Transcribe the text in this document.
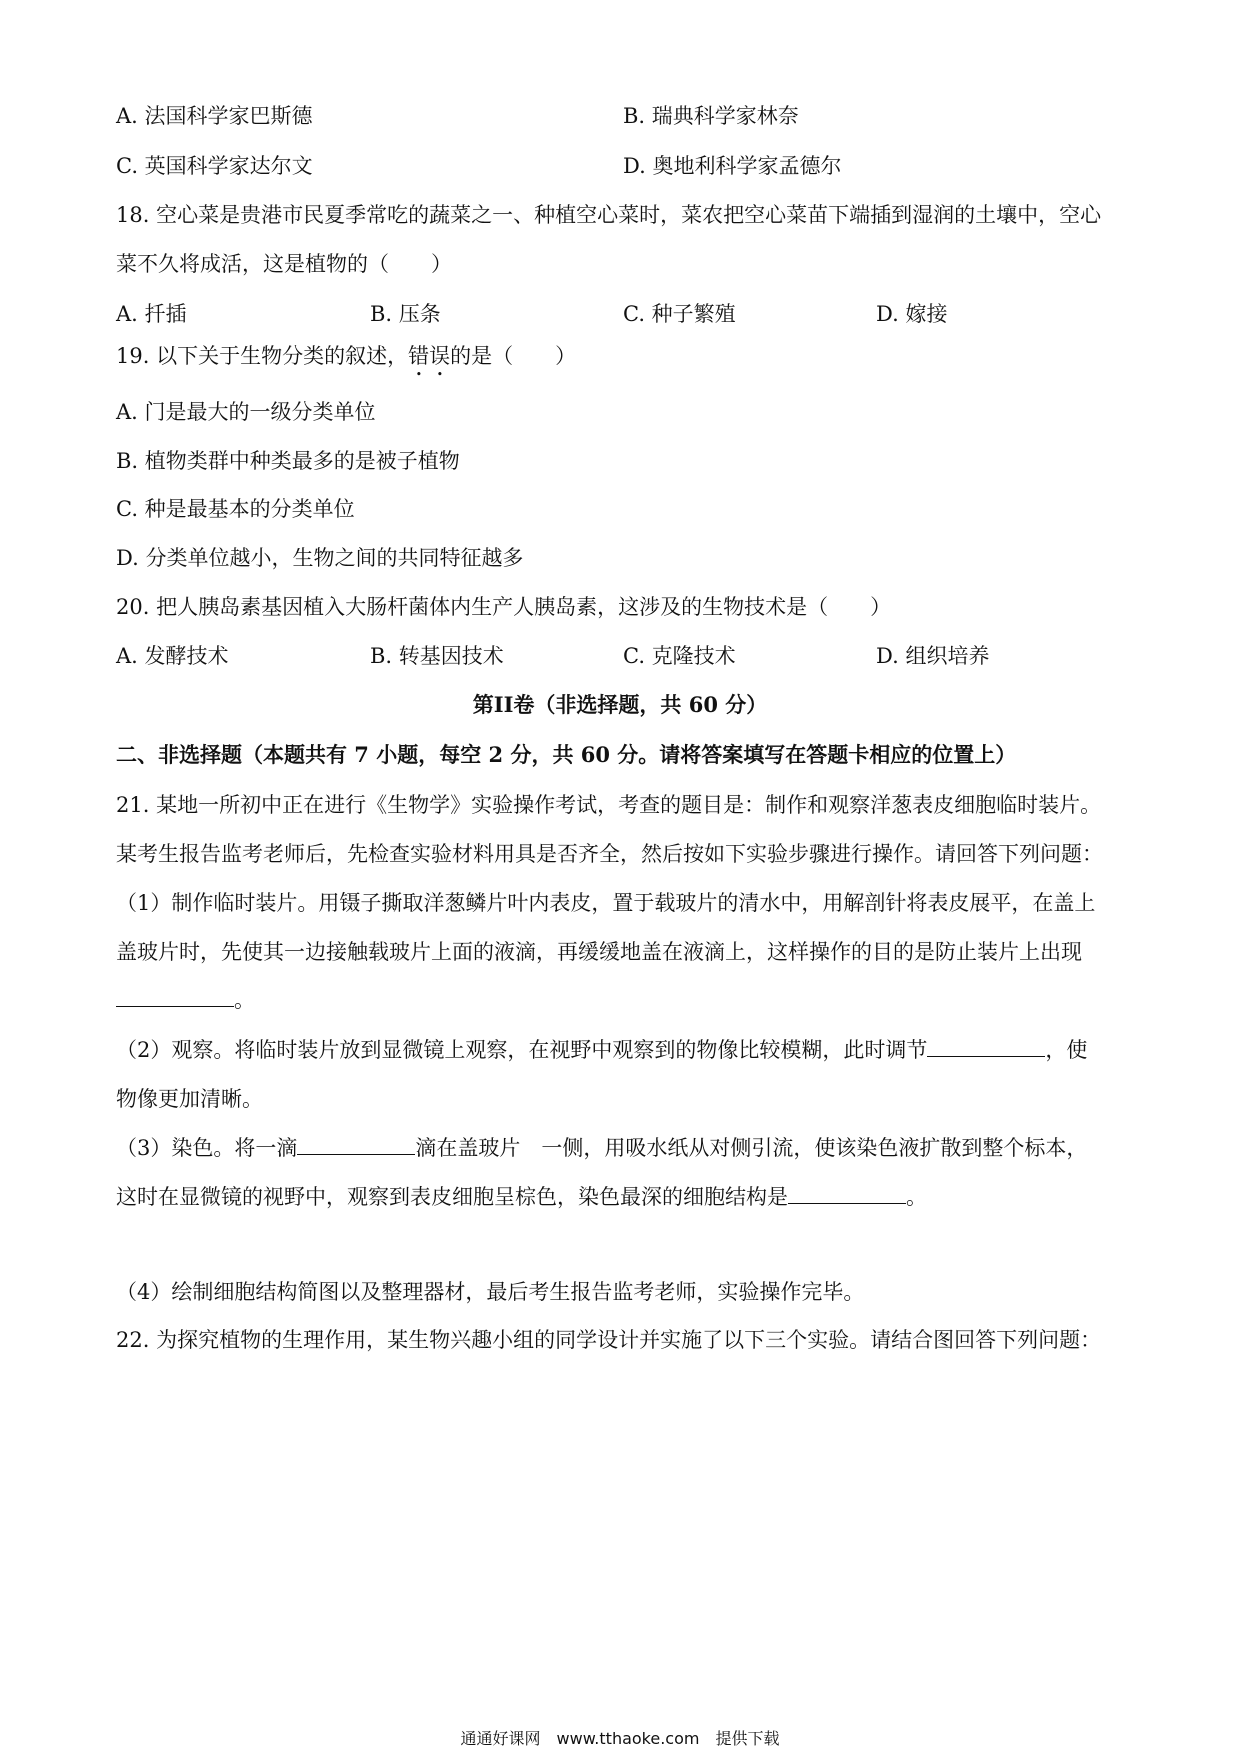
A. 法国科学家巴斯德	B. 瑞典科学家林奈
C. 英国科学家达尔文	D. 奥地利科学家孟德尔
18. 空心菜是贵港市民夏季常吃的蔬菜之一、种植空心菜时，菜农把空心菜苗下端插到湿润的土壤中，空心
菜不久将成活，这是植物的（　　）
A. 扦插	B. 压条	C. 种子繁殖	D. 嫁接
19. 以下关于生物分类的叙述，错误的是（　　）
A. 门是最大的一级分类单位
B. 植物类群中种类最多的是被子植物
C. 种是最基本的分类单位
D. 分类单位越小，生物之间的共同特征越多
20. 把人胰岛素基因植入大肠杆菌体内生产人胰岛素，这涉及的生物技术是（　　）
A. 发酵技术	B. 转基因技术	C. 克隆技术	D. 组织培养
第II卷（非选择题，共 60 分）
二、非选择题（本题共有 7 小题，每空 2 分，共 60 分。请将答案填写在答题卡相应的位置上）
21. 某地一所初中正在进行《生物学》实验操作考试，考查的题目是：制作和观察洋葱表皮细胞临时装片。
某考生报告监考老师后，先检查实验材料用具是否齐全，然后按如下实验步骤进行操作。请回答下列问题：
（1）制作临时装片。用镊子撕取洋葱鳞片叶内表皮，置于载玻片的清水中，用解剖针将表皮展平，在盖上
盖玻片时，先使其一边接触载玻片上面的液滴，再缓缓地盖在液滴上，这样操作的目的是防止装片上出现
。
（2）观察。将临时装片放到显微镜上观察，在视野中观察到的物像比较模糊，此时调节	，使
物像更加清晰。
（3）染色。将一滴	滴在盖玻片　一侧，用吸水纸从对侧引流，使该染色液扩散到整个标本，
这时在显微镜的视野中，观察到表皮细胞呈棕色，染色最深的细胞结构是	。
（4）绘制细胞结构简图以及整理器材，最后考生报告监考老师，实验操作完毕。
22. 为探究植物的生理作用，某生物兴趣小组的同学设计并实施了以下三个实验。请结合图回答下列问题：
通通好课网　www.tthaoke.com　提供下载
